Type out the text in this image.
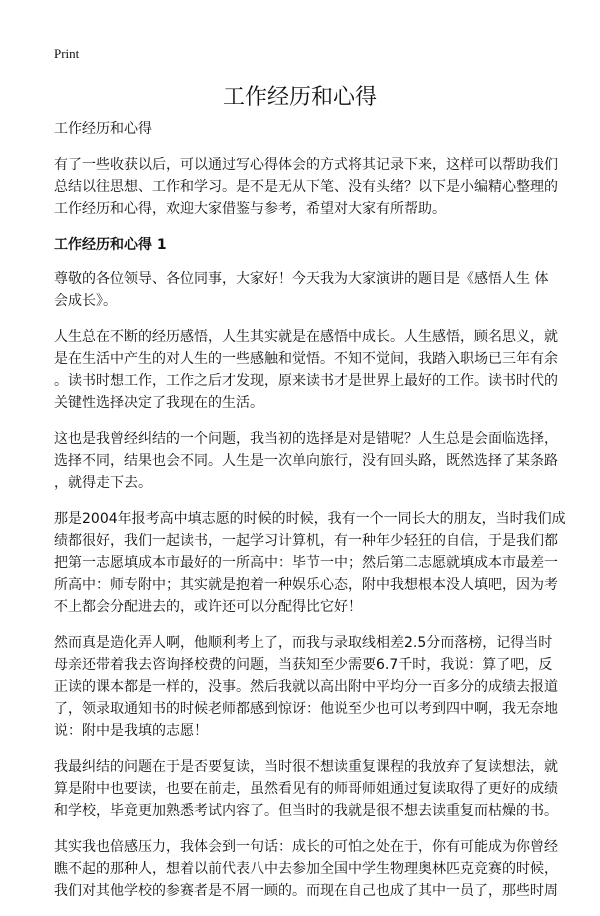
Print
工作经历和心得
工作经历和心得
有了一些收获以后，可以通过写心得体会的方式将其记录下来，这样可以帮助我们
总结以往思想、工作和学习。是不是无从下笔、没有头绪？以下是小编精心整理的
工作经历和心得，欢迎大家借鉴与参考，希望对大家有所帮助。
工作经历和心得 1
尊敬的各位领导、各位同事，大家好！今天我为大家演讲的题目是《感悟人生 体
会成长》。
人生总在不断的经历感悟，人生其实就是在感悟中成长。人生感悟，顾名思义，就
是在生活中产生的对人生的一些感触和觉悟。不知不觉间，我踏入职场已三年有余
。读书时想工作，工作之后才发现，原来读书才是世界上最好的工作。读书时代的
关键性选择决定了我现在的生活。
这也是我曾经纠结的一个问题，我当初的选择是对是错呢？人生总是会面临选择，
选择不同，结果也会不同。人生是一次单向旅行，没有回头路，既然选择了某条路
，就得走下去。
那是2004年报考高中填志愿的时候的时候，我有一个一同长大的朋友，当时我们成
绩都很好，我们一起读书，一起学习计算机，有一种年少轻狂的自信，于是我们都
把第一志愿填成本市最好的一所高中：毕节一中；然后第二志愿就填成本市最差一
所高中：师专附中；其实就是抱着一种娱乐心态，附中我想根本没人填吧，因为考
不上都会分配进去的，或许还可以分配得比它好！
然而真是造化弄人啊，他顺利考上了，而我与录取线相差2.5分而落榜，记得当时
母亲还带着我去咨询择校费的问题，当获知至少需要6.7千时，我说：算了吧，反
正读的课本都是一样的，没事。然后我就以高出附中平均分一百多分的成绩去报道
了，领录取通知书的时候老师都感到惊讶：他说至少也可以考到四中啊，我无奈地
说：附中是我填的志愿！
我最纠结的问题在于是否要复读，当时很不想读重复课程的我放弃了复读想法，就
算是附中也要读，也要在前走，虽然看见有的师哥师姐通过复读取得了更好的成绩
和学校，毕竟更加熟悉考试内容了。但当时的我就是很不想去读重复而枯燥的书。
其实我也倍感压力，我体会到一句话：成长的可怕之处在于，你有可能成为你曾经
瞧不起的那种人，想着以前代表八中去参加全国中学生物理奥林匹克竞赛的时候，
我们对其他学校的参赛者是不屑一顾的。而现在自己也成了其中一员了，那些时周
